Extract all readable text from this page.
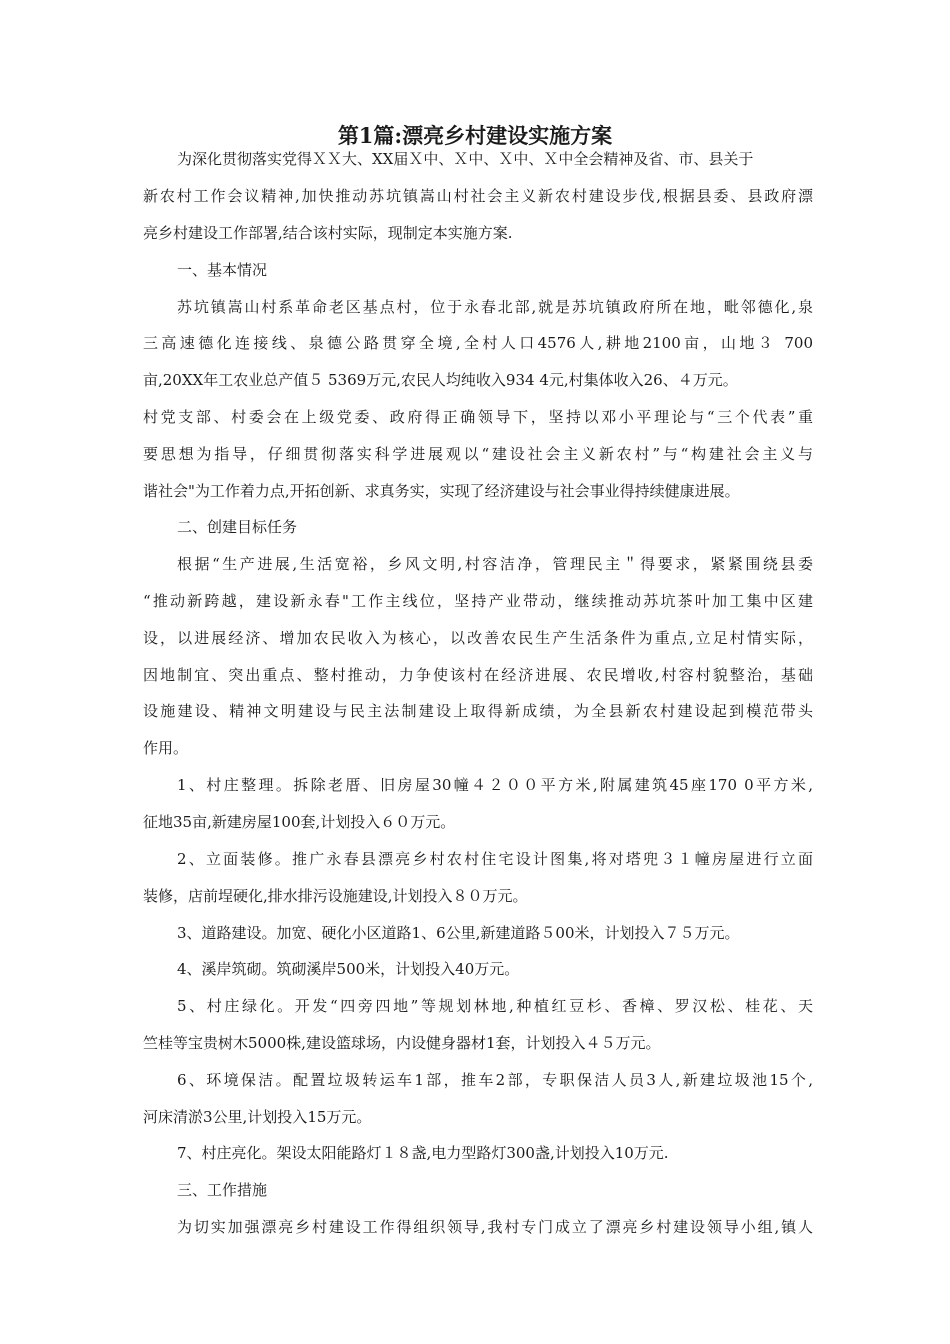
第1篇:漂亮乡村建设实施方案
为深化贯彻落实党得ＸＸ大、XX届Ｘ中、Ｘ中、Ｘ中、Ｘ中全会精神及省、市、县关于
新农村工作会议精神,加快推动苏坑镇嵩山村社会主义新农村建设步伐,根据县委、县政府漂
亮乡村建设工作部署,结合该村实际，现制定本实施方案.
一、基本情况
苏坑镇嵩山村系革命老区基点村，位于永春北部,就是苏坑镇政府所在地，毗邻德化,泉
三高速德化连接线、泉德公路贯穿全境,全村人口4576人,耕地2100亩，山地３ 700
亩,20XX年工农业总产值５ 5369万元,农民人均纯收入934 4元,村集体收入26、４万元。
村党支部、村委会在上级党委、政府得正确领导下，坚持以邓小平理论与“三个代表”重
要思想为指导，仔细贯彻落实科学进展观以“建设社会主义新农村”与“构建社会主义与
谐社会"为工作着力点,开拓创新、求真务实，实现了经济建设与社会事业得持续健康进展。
二、创建目标任务
根据“生产进展,生活宽裕，乡风文明,村容洁净，管理民主＂得要求，紧紧围绕县委
“推动新跨越，建设新永春"工作主线位，坚持产业带动，继续推动苏坑茶叶加工集中区建
设，以进展经济、增加农民收入为核心，以改善农民生产生活条件为重点,立足村情实际，
因地制宜、突出重点、整村推动，力争使该村在经济进展、农民增收,村容村貌整治，基础
设施建设、精神文明建设与民主法制建设上取得新成绩，为全县新农村建设起到模范带头
作用。
1、村庄整理。拆除老厝、旧房屋30幢４２００平方米,附属建筑45座170 0平方米,
征地35亩,新建房屋100套,计划投入６０万元。
2、立面装修。推广永春县漂亮乡村农村住宅设计图集,将对塔兜３１幢房屋进行立面
装修，店前埕硬化,排水排污设施建设,计划投入８０万元。
3、道路建设。加宽、硬化小区道路1、6公里,新建道路５00米，计划投入７５万元。
4、溪岸筑砌。筑砌溪岸500米，计划投入40万元。
5、村庄绿化。开发“四旁四地”等规划林地,种植红豆杉、香樟、罗汉松、桂花、天
竺桂等宝贵树木5000株,建设篮球场，内设健身器材1套，计划投入４５万元。
6、环境保洁。配置垃圾转运车1部，推车2部，专职保洁人员3人,新建垃圾池15个,
河床清淤3公里,计划投入15万元。
7、村庄亮化。架设太阳能路灯１８盏,电力型路灯300盏,计划投入10万元.
三、工作措施
为切实加强漂亮乡村建设工作得组织领导,我村专门成立了漂亮乡村建设领导小组,镇人
